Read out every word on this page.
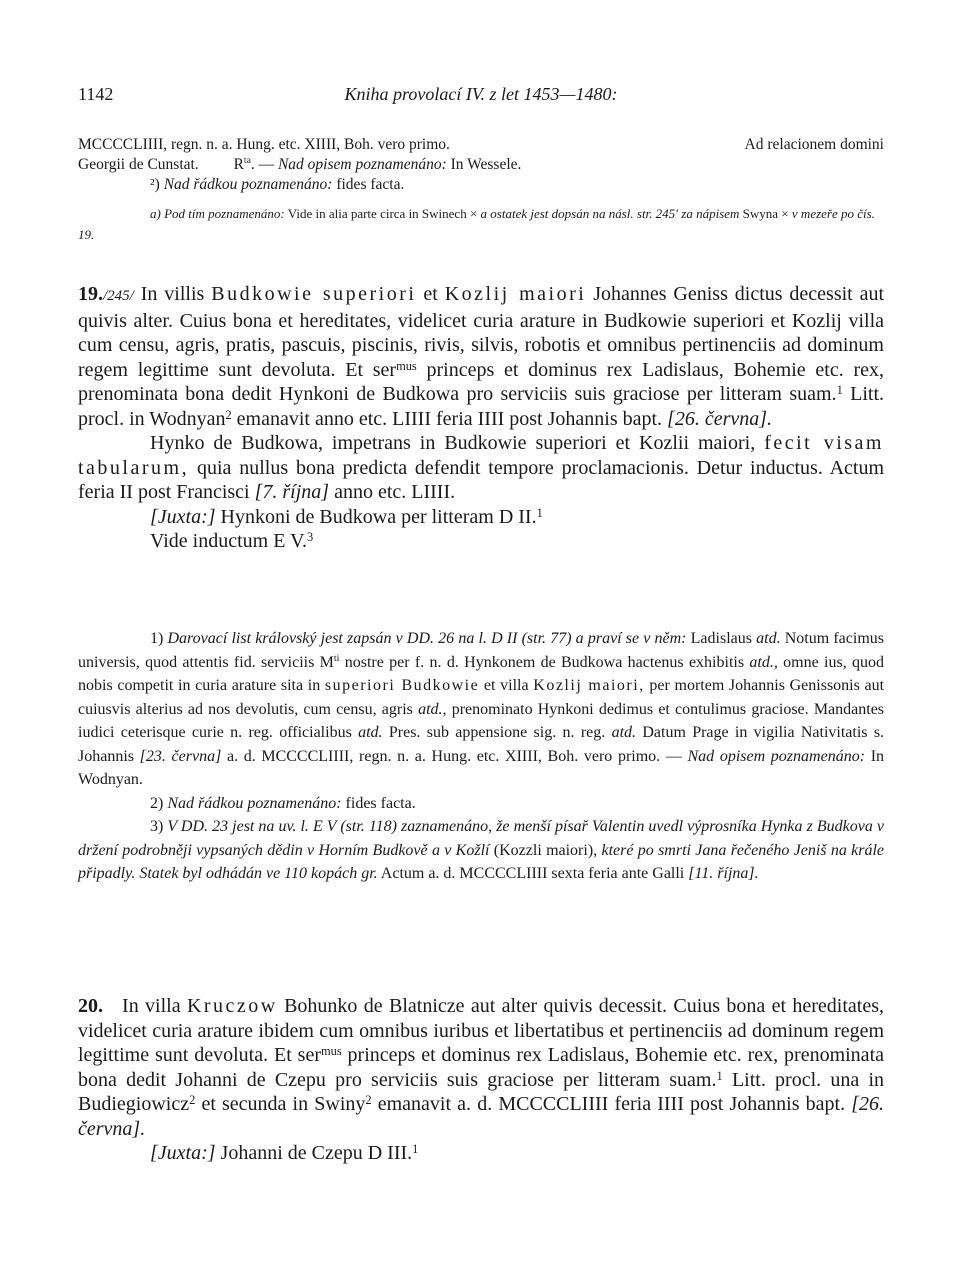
1142	Kniha provolací IV. z let 1453—1480:

MCCCCLIIII, regn. n. a. Hung. etc. XIIII, Boh. vero primo.	Ad relacionem domini

Georgii de Cunstat. $R^{ta}$. — Nad opisem poznamenáno: In Wessele.

²) Nad řádkou poznamenáno: fides facta.

a) Pod tím poznamenáno: Vide in alia parte circa in Swinech × a ostatek jest dopsán na násl. str. 245′ za nápisem Swyna × v mezeře po čís. 19.

19./245/ In villis Budkowie superiori et Kozlij maiori Johannes Geniss dictus decessit aut quivis alter. Cuius bona et hereditates, videlicet curia arature in Budkowie superiori et Kozlij villa cum censu, agris, pratis, pascuis, piscinis, rivis, silvis, robotis et omnibus pertinenciis ad dominum regem legittime sunt devoluta. Et ser$^{mus}$ princeps et dominus rex Ladislaus, Bohemie etc. rex, prenominata bona dedit Hynkoni de Budkowa pro serviciis suis graciose per litteram suam.$^1$ Litt. procl. in Wodnyan$^2$ emanavit anno etc. LIIII feria IIII post Johannis bapt. [26. června].

Hynko de Budkowa, impetrans in Budkowie superiori et Kozlii maiori, fecit visam tabularum, quia nullus bona predicta defendit tempore proclamacionis. Detur inductus. Actum feria II post Francisci [7. října] anno etc. LIIII.

[Juxta:] Hynkoni de Budkowa per litteram D II.$^1$

Vide inductum E V.$^3$

1) Darovací list královský jest zapsán v DD. 26 na l. D II (str. 77) a praví se v něm: Ladislaus atd. Notum facimus universis, quod attentis fid. serviciis $M^{ti}$ nostre per f. n. d. Hynkonem de Budkowa hactenus exhibitis atd., omne ius, quod nobis competit in curia arature sita in superiori Budkowie et villa Kozlij maiori, per mortem Johannis Genissonis aut cuiusvis alterius ad nos devolutis, cum censu, agris atd., prenominato Hynkoni dedimus et contulimus graciose. Mandantes iudici ceterisque curie n. reg. officialibus atd. Pres. sub appensione sig. n. reg. atd. Datum Prage in vigilia Nativitatis s. Johannis [23. června] a. d. MCCCCLIIII, regn. n. a. Hung. etc. XIIII, Boh. vero primo. — Nad opisem poznamenáno: In Wodnyan.

2) Nad řádkou poznamenáno: fides facta.

3) V DD. 23 jest na uv. l. E V (str. 118) zaznamenáno, že menší písař Valentin uvedl výprosníka Hynka z Budkova v držení podrobněji vypsaných dědin v Horním Budkově a v Kožlí (Kozzli maiori), které po smrti Jana řečeného Jeniš na krále připadly. Statek byl odhádán ve 110 kopách gr. Actum a. d. MCCCCLIIII sexta feria ante Galli [11. října].

20. In villa Kruczow Bohunko de Blatnicze aut alter quivis decessit. Cuius bona et hereditates, videlicet curia arature ibidem cum omnibus iuribus et libertatibus et pertinenciis ad dominum regem legittime sunt devoluta. Et ser$^{mus}$ princeps et dominus rex Ladislaus, Bohemie etc. rex, prenominata bona dedit Johanni de Czepu pro serviciis suis graciose per litteram suam.$^1$ Litt. procl. una in Budiegiowicz$^2$ et secunda in Swiny$^2$ emanavit a. d. MCCCCLIIII feria IIII post Johannis bapt. [26. června].

[Juxta:] Johanni de Czepu D III.$^1$
